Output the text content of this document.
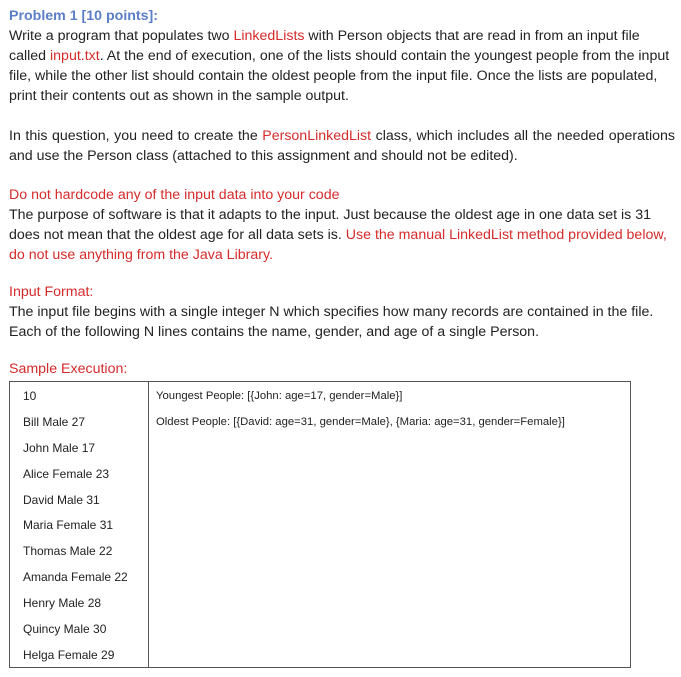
Problem 1 [10 points]:

Write a program that populates two LinkedLists with Person objects that are read in from an input file called input.txt. At the end of execution, one of the lists should contain the youngest people from the input file, while the other list should contain the oldest people from the input file. Once the lists are populated, print their contents out as shown in the sample output.

In this question, you need to create the PersonLinkedList class, which includes all the needed operations and use the Person class (attached to this assignment and should not be edited).

Do not hardcode any of the input data into your code

The purpose of software is that it adapts to the input. Just because the oldest age in one data set is 31 does not mean that the oldest age for all data sets is. Use the manual LinkedList method provided below, do not use anything from the Java Library.

Input Format:

The input file begins with a single integer N which specifies how many records are contained in the file. Each of the following N lines contains the name, gender, and age of a single Person.

Sample Execution:

10
Bill Male 27
John Male 17
Alice Female 23
David Male 31
Maria Female 31
Thomas Male 22
Amanda Female 22
Henry Male 28
Quincy Male 30
Helga Female 29

Youngest People: [{John: age=17, gender=Male}]
Oldest People: [{David: age=31, gender=Male}, {Maria: age=31, gender=Female}]
